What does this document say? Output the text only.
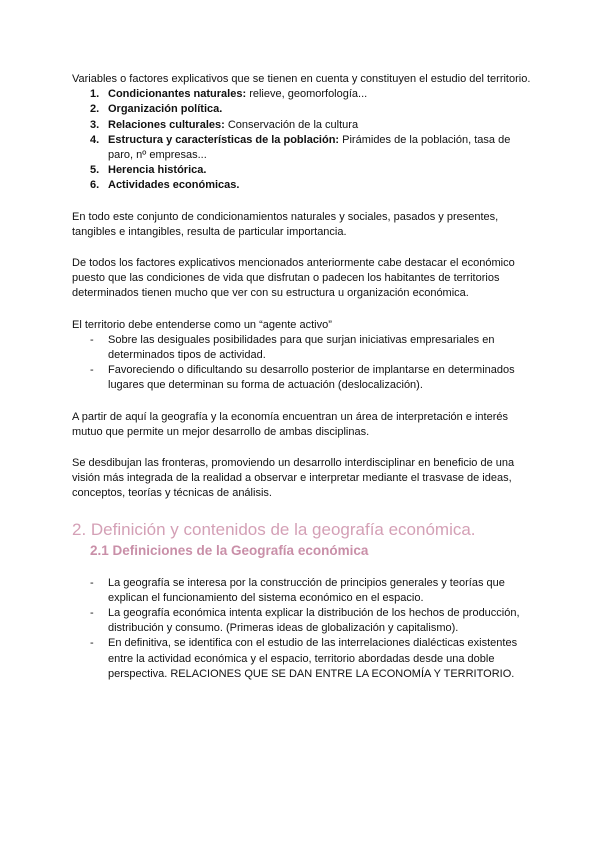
Variables o factores explicativos que se tienen en cuenta y constituyen el estudio del territorio.

1. Condicionantes naturales: relieve, geomorfología...
2. Organización política.
3. Relaciones culturales: Conservación de la cultura
4. Estructura y características de la población: Pirámides de la población, tasa de paro, nº empresas...
5. Herencia histórica.
6. Actividades económicas.

En todo este conjunto de condicionamientos naturales y sociales, pasados y presentes, tangibles e intangibles, resulta de particular importancia.

De todos los factores explicativos mencionados anteriormente cabe destacar el económico puesto que las condiciones de vida que disfrutan o padecen los habitantes de territorios determinados tienen mucho que ver con su estructura u organización económica.

El territorio debe entenderse como un “agente activo”

- Sobre las desiguales posibilidades para que surjan iniciativas empresariales en determinados tipos de actividad.
- Favoreciendo o dificultando su desarrollo posterior de implantarse en determinados lugares que determinan su forma de actuación (deslocalización).

A partir de aquí la geografía y la economía encuentran un área de interpretación e interés mutuo que permite un mejor desarrollo de ambas disciplinas.

Se desdibujan las fronteras, promoviendo un desarrollo interdisciplinar en beneficio de una visión más integrada de la realidad a observar e interpretar mediante el trasvase de ideas, conceptos, teorías y técnicas de análisis.

2. Definición y contenidos de la geografía económica.
2.1 Definiciones de la Geografía económica
- La geografía se interesa por la construcción de principios generales y teorías que explican el funcionamiento del sistema económico en el espacio.
- La geografía económica intenta explicar la distribución de los hechos de producción, distribución y consumo. (Primeras ideas de globalización y capitalismo).
- En definitiva, se identifica con el estudio de las interrelaciones dialécticas existentes entre la actividad económica y el espacio, territorio abordadas desde una doble perspectiva. RELACIONES QUE SE DAN ENTRE LA ECONOMÍA Y TERRITORIO.
